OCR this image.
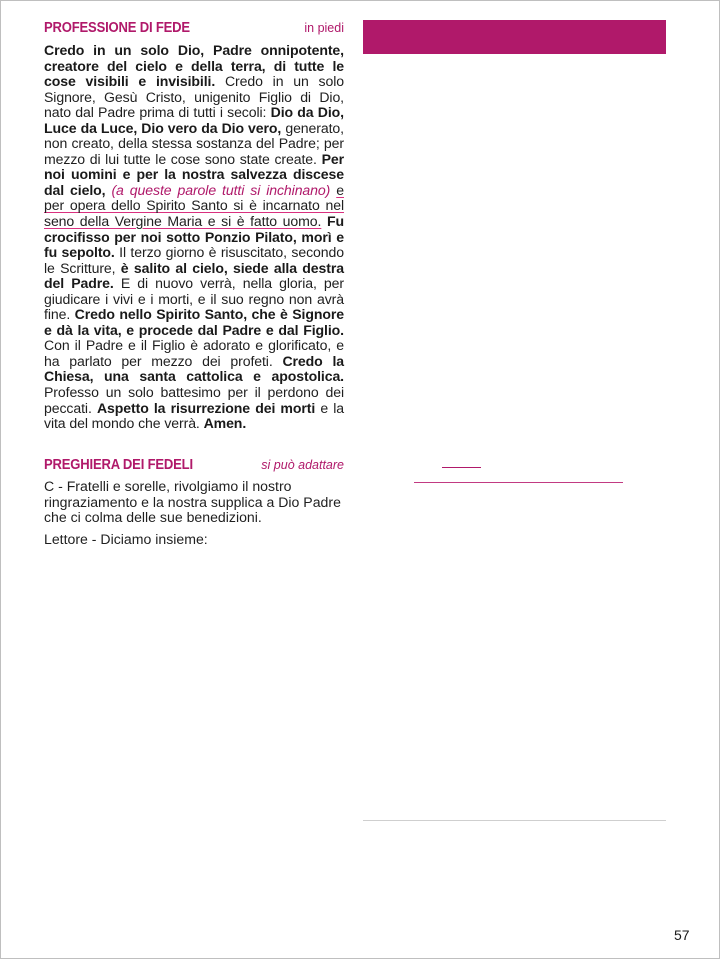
PROFESSIONE DI FEDE	in piedi

Credo in un solo Dio, Padre onnipotente, creatore del cielo e della terra, di tutte le cose visibili e invisibili. Credo in un solo Signore, Gesù Cristo, unigenito Figlio di Dio, nato dal Padre prima di tutti i secoli: Dio da Dio, Luce da Luce, Dio vero da Dio vero, generato, non creato, della stessa sostanza del Padre; per mezzo di lui tutte le cose sono state create. Per noi uomini e per la nostra salvezza discese dal cielo, (a queste parole tutti si inchinano) e per opera dello Spirito Santo si è incarnato nel seno della Vergine Maria e si è fatto uomo. Fu crocifisso per noi sotto Ponzio Pilato, morì e fu sepolto. Il terzo giorno è risuscitato, secondo le Scritture, è salito al cielo, siede alla destra del Padre. E di nuovo verrà, nella gloria, per giudicare i vivi e i morti, e il suo regno non avrà fine. Credo nello Spirito Santo, che è Signore e dà la vita, e procede dal Padre e dal Figlio. Con il Padre e il Figlio è adorato e glorificato, e ha parlato per mezzo dei profeti. Credo la Chiesa, una santa cattolica e apostolica. Professo un solo battesimo per il perdono dei peccati. Aspetto la risurrezione dei morti e la vita del mondo che verrà. Amen.

PREGHIERA DEI FEDELI	si può adattare

C - Fratelli e sorelle, rivolgiamo il nostro ringraziamento e la nostra supplica a Dio Padre che ci colma delle sue benedizioni.

Lettore - Diciamo insieme:

57
